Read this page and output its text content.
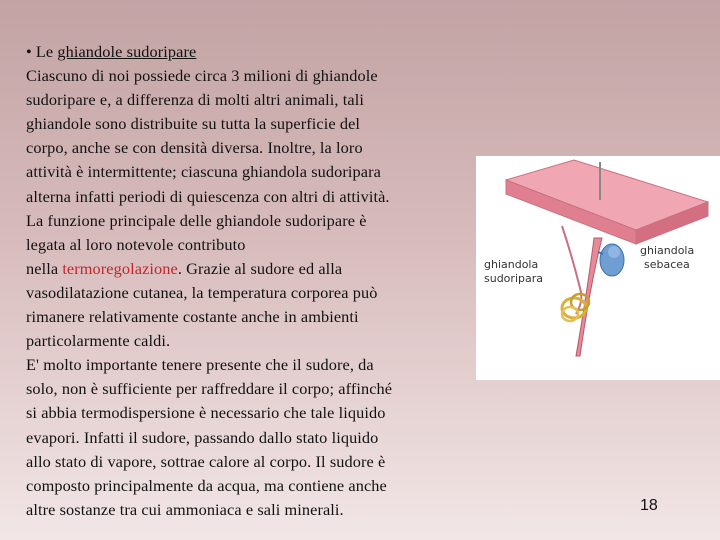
• Le ghiandole sudoripare
Ciascuno di noi possiede circa 3 milioni di ghiandole
sudoripare e, a differenza di molti altri animali, tali
ghiandole sono distribuite su tutta la superficie del
corpo, anche se con densità diversa. Inoltre, la loro
attività è intermittente; ciascuna ghiandola sudoripara
alterna infatti periodi di quiescenza con altri di attività.
La funzione principale delle ghiandole sudoripare è
legata al loro notevole contributo
nella termoregolazione. Grazie al sudore ed alla
vasodilatazione cutanea, la temperatura corporea può
rimanere relativamente costante anche in ambienti
particolarmente caldi.
E' molto importante tenere presente che il sudore, da
solo, non è sufficiente per raffreddare il corpo; affinché
si abbia termodispersione è necessario che tale liquido
evapori. Infatti il sudore, passando dallo stato liquido
allo stato di vapore, sottrae calore al corpo. Il sudore è
composto principalmente da acqua, ma contiene anche
altre sostanze tra cui ammoniaca e sali minerali.
ghiandola
sudoripara
ghiandola
sebacea
18
